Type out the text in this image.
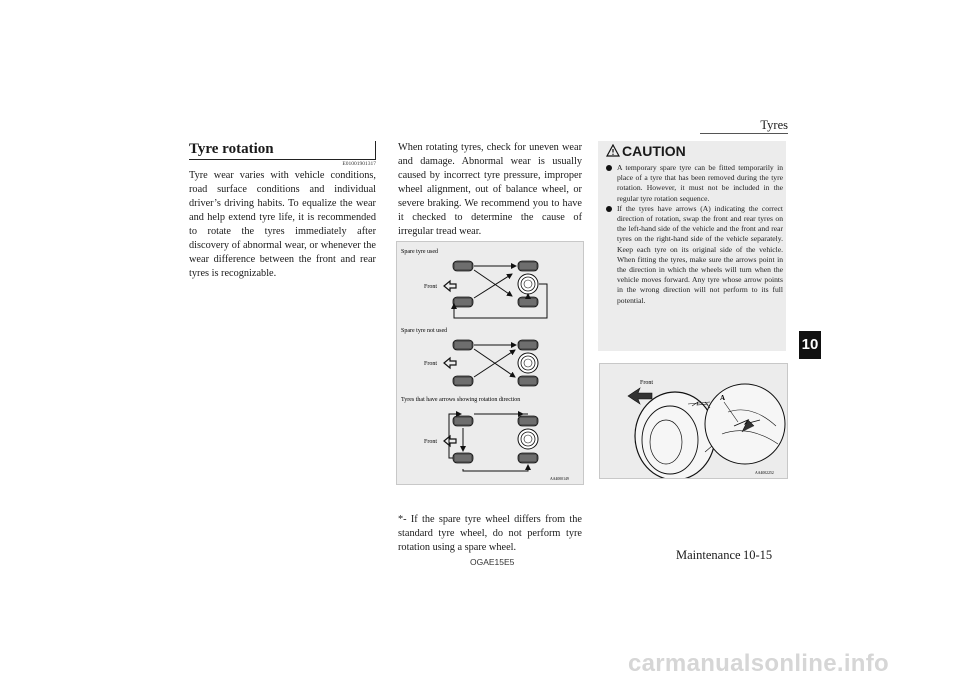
Tyres
Tyre rotation
E01001901317
Tyre wear varies with vehicle conditions, road surface conditions and individual driver’s driving habits. To equalize the wear and help extend tyre life, it is recommended to rotate the tyres immediately after discovery of abnormal wear, or whenever the wear difference between the front and rear tyres is recognizable.
When rotating tyres, check for uneven wear and damage. Abnormal wear is usually caused by incorrect tyre pressure, improper wheel alignment, out of balance wheel, or severe braking. We recommend you to have it checked to determine the cause of irregular tread wear.
Spare tyre used
Front
Spare tyre not used
Front
Tyres that have arrows showing rotation direction
Front
AA4000149
*- If the spare tyre wheel differs from the standard tyre wheel, do not perform tyre rotation using a spare wheel.
CAUTION
A temporary spare tyre can be fitted temporarily in place of a tyre that has been removed during the tyre rotation. However, it must not be included in the regular tyre rotation sequence.
If the tyres have arrows (A) indicating the correct direction of rotation, swap the front and rear tyres on the left-hand side of the vehicle and the front and rear tyres on the right-hand side of the vehicle separately. Keep each tyre on its original side of the vehicle. When fitting the tyres, make sure the arrows point in the direction in which the wheels will turn when the vehicle moves forward. Any tyre whose arrow points in the wrong direction will not perform to its full potential.
Front
A
AA4002252
10
OGAE15E5	Maintenance 10-15
carmanualsonline.info
